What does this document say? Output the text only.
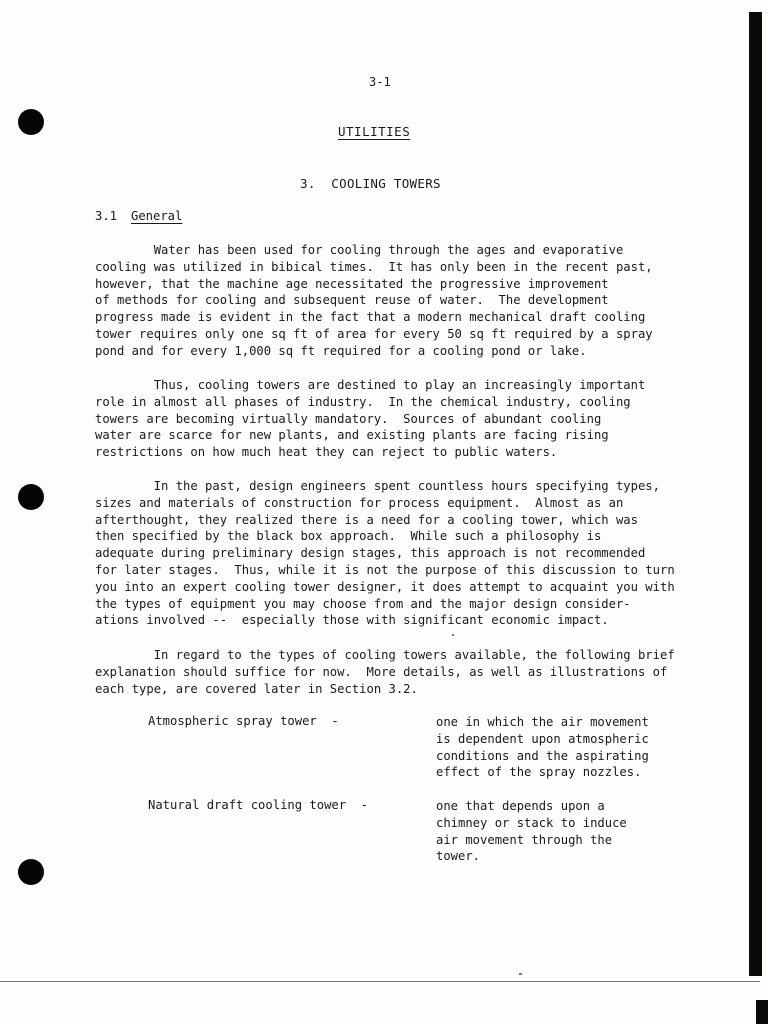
3-1
UTILITIES
3.  COOLING TOWERS
3.1 General
Water has been used for cooling through the ages and evaporative
cooling was utilized in bibical times.  It has only been in the recent past,
however, that the machine age necessitated the progressive improvement
of methods for cooling and subsequent reuse of water.  The development
progress made is evident in the fact that a modern mechanical draft cooling
tower requires only one sq ft of area for every 50 sq ft required by a spray
pond and for every 1,000 sq ft required for a cooling pond or lake.
Thus, cooling towers are destined to play an increasingly important
role in almost all phases of industry.  In the chemical industry, cooling
towers are becoming virtually mandatory.  Sources of abundant cooling
water are scarce for new plants, and existing plants are facing rising
restrictions on how much heat they can reject to public waters.
In the past, design engineers spent countless hours specifying types,
sizes and materials of construction for process equipment.  Almost as an
afterthought, they realized there is a need for a cooling tower, which was
then specified by the black box approach.  While such a philosophy is
adequate during preliminary design stages, this approach is not recommended
for later stages.  Thus, while it is not the purpose of this discussion to turn
you into an expert cooling tower designer, it does attempt to acquaint you with
the types of equipment you may choose from and the major design consider-
ations involved --  especially those with significant economic impact.
In regard to the types of cooling towers available, the following brief
explanation should suffice for now.  More details, as well as illustrations of
each type, are covered later in Section 3.2.
Atmospheric spray tower  -	one in which the air movement
is dependent upon atmospheric
conditions and the aspirating
effect of the spray nozzles.
Natural draft cooling tower  -	one that depends upon a
chimney or stack to induce
air movement through the
tower.
